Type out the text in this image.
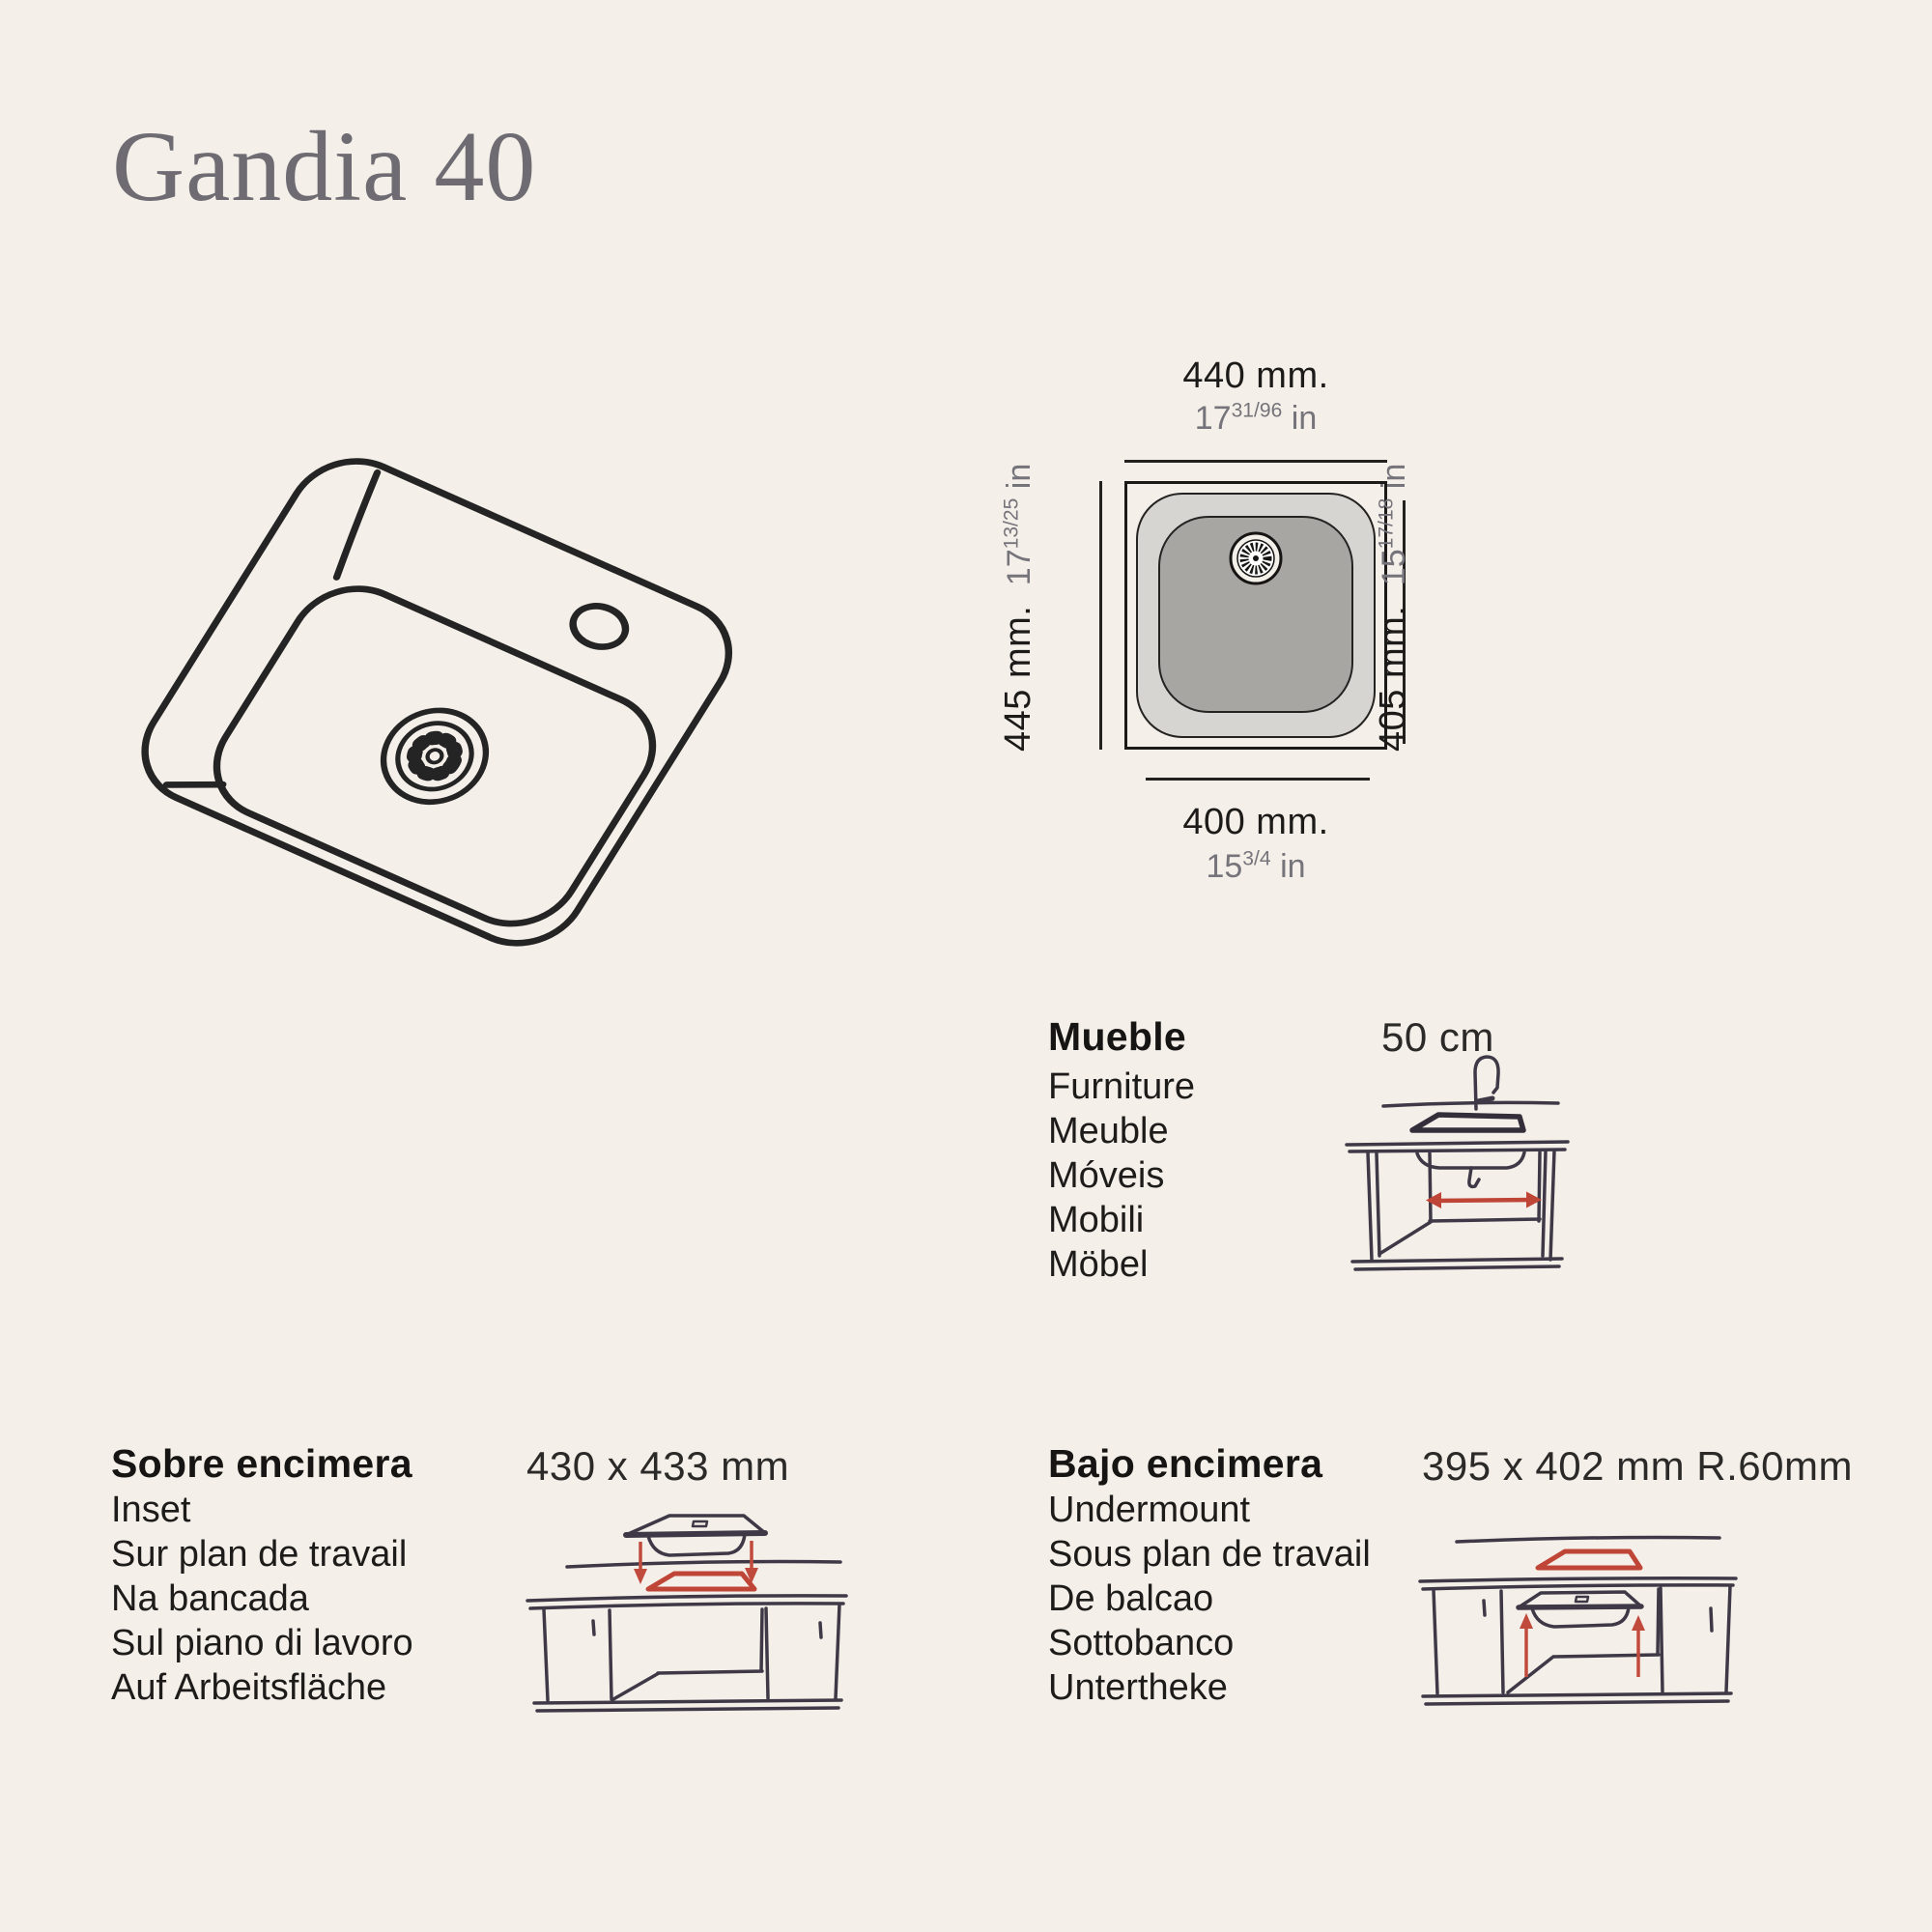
Gandia 40
440 mm.
$17^{31/96}$ in
445 mm. $17^{13/25}$ in
405 mm. $15^{17/18}$ in
400 mm.
$15^{3/4}$ in
Mueble
Furniture
Meuble
Móveis
Mobili
Möbel
50 cm
Sobre encimera
Inset
Sur plan de travail
Na bancada
Sul piano di lavoro
Auf Arbeitsfläche
430 x 433 mm	Bajo encimera
Undermount
Sous plan de travail
De balcao
Sottobanco
Untertheke
395 x 402 mm R.60mm
